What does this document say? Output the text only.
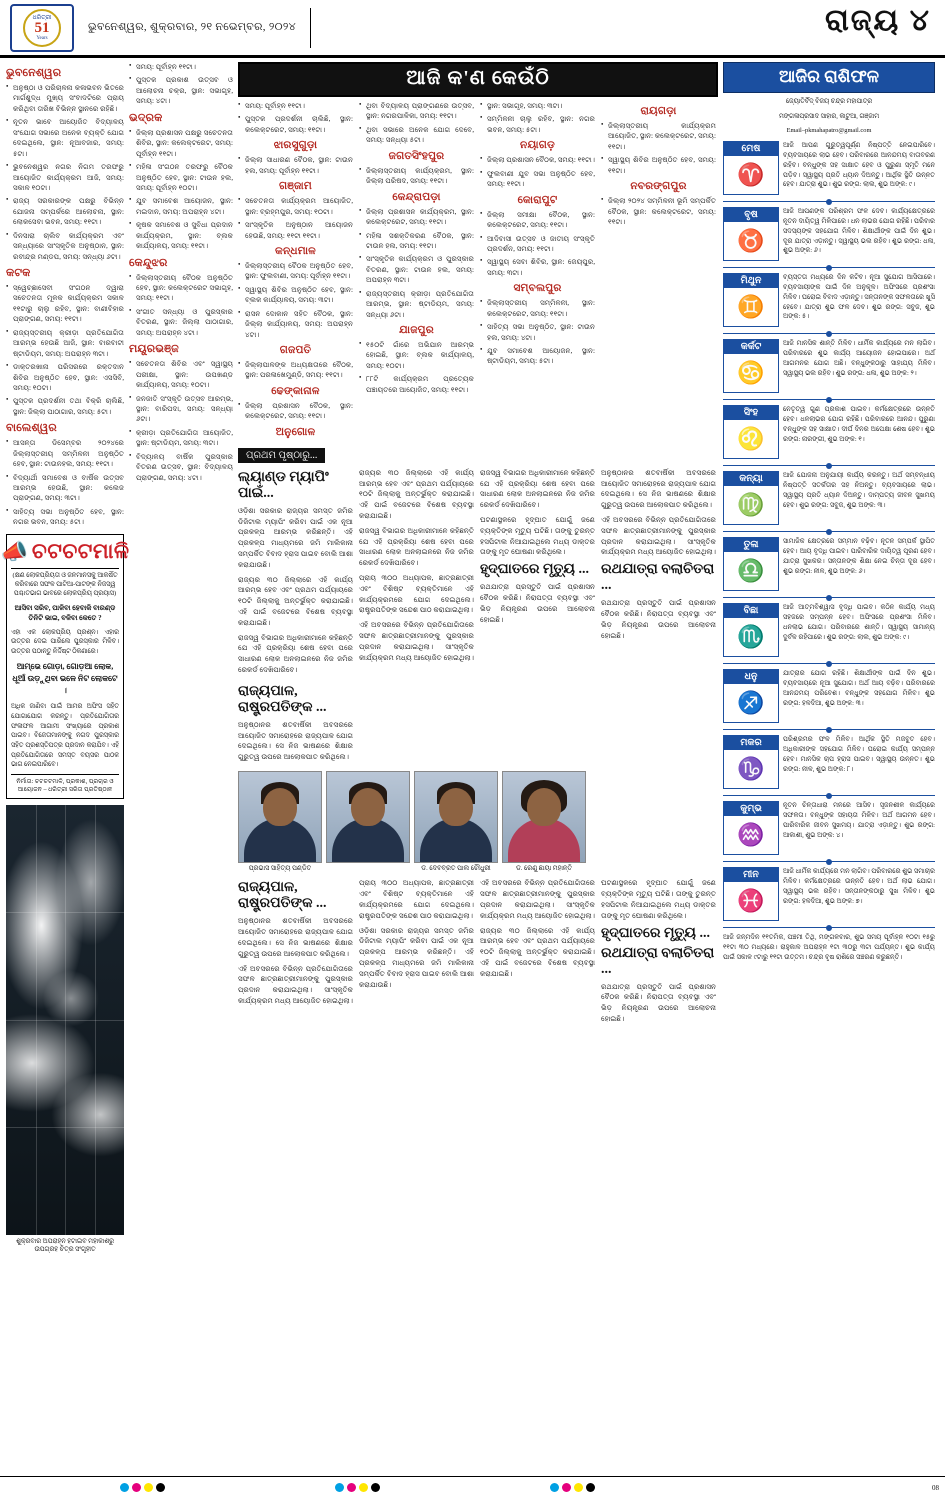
ଧରିତ୍ରୀ
51
Years
ଭୁବନେଶ୍ୱର, ଶୁକ୍ରବାର, ୨୧ ନଭେମ୍ବର, ୨୦୨୪	ରାଜ୍ୟ ୪
ଭୁବନେଶ୍ୱର
● ଅନୁଷ୍ଠା ଓ ପରିଚାଳନା କଳାଭବନ ଭିତରେ ମାର୍ଗଶୁଦ୍ଧ ମୁଖ୍ୟ ସଂବାଦଟିରେ ପ୍ରାୟ କରିଥିବା ତାରିଖ ବିଭିନ୍ନ ସ୍ଥାନରେ ରହିଛି।
● ନୂତନ ଭାବେ ଆୟୋଜିତ ବିଦ୍ୟାଳୟ ସଂଯୋଗ ସଭାରେ ଅନେକ ବ୍ୟକ୍ତି ଯୋଗ ଦେଇଥିଲେ, ସ୍ଥାନ: ନୂଆବଜାର, ସମୟ: ୫ଟା।
● ଭୁବନେଶ୍ୱର ନଗର ନିଗମ ତରଫରୁ ଆୟୋଜିତ କାର୍ଯ୍ୟକ୍ରମ ଆଜି, ସମୟ: ସକାଳ ୧୦ଟା।
● ରାଜ୍ୟ ସରକାରଙ୍କ ପକ୍ଷରୁ ବିଭିନ୍ନ ଯୋଜନା ସମ୍ପର୍କରେ ଆଲୋଚନା, ସ୍ଥାନ: ଲୋକସେବା ଭବନ, ସମୟ: ୧୧ଟା।
● ଦିନସାରା ଚାଲିବ କାର୍ଯ୍ୟକ୍ରମ ଏବଂ ସନ୍ଧ୍ୟାରେ ସାଂସ୍କୃତିକ ଅନୁଷ୍ଠାନ, ସ୍ଥାନ: ରବୀନ୍ଦ୍ର ମଣ୍ଡପ, ସମୟ: ସନ୍ଧ୍ୟା ୬ଟା।
କଟକ
● ସ୍ୱେଚ୍ଛାସେବୀ ସଂଗଠନ ଦ୍ୱାରା ସଚେତନତା ମୂଳକ କାର୍ଯ୍ୟକ୍ରମ ସକାଳ ୧୧ଟାରୁ ଚାଲୁ ରହିବ, ସ୍ଥାନ: ବାଣୀବିହାର ପ୍ରାଙ୍ଗଣ, ସମୟ: ୧୧ଟା।
● ରାଜ୍ୟସ୍ତରୀୟ କ୍ରୀଡ଼ା ପ୍ରତିଯୋଗିତା ଆରମ୍ଭ ହେଉଛି ଆଜି, ସ୍ଥାନ: ବାରବାଟୀ ଷ୍ଟାଡିୟମ, ସମୟ: ଅପରାହ୍ନ ୩ଟା।
● ଡାକ୍ତରଖାନା ପରିସରରେ ରକ୍ତଦାନ ଶିବିର ଅନୁଷ୍ଠିତ ହେବ, ସ୍ଥାନ: ଏସସିବି, ସମୟ: ୧୦ଟା।
● ପୁସ୍ତକ ପ୍ରଦର୍ଶନୀ ତଥା ବିକ୍ରି ଚାଲିଛି, ସ୍ଥାନ: ଜିଲ୍ଲା ପାଠାଗାର, ସମୟ: ୫ଟା।
ବାଲେଶ୍ୱର
● ଆସନ୍ତା ଡିସେମ୍ବର ୨୦୨୪ରେ ଜିଲ୍ଲାସ୍ତରୀୟ ସମ୍ମିଳନୀ ଅନୁଷ୍ଠିତ ହେବ, ସ୍ଥାନ: ଟାଉନହଲ, ସମୟ: ୧୧ଟା।
● ବିଦ୍ୟାର୍ଥୀ ସମାବେଶ ଓ ବାର୍ଷିକ ଉତ୍ସବ ଆରମ୍ଭ ହେଉଛି, ସ୍ଥାନ: କଲେଜ ପ୍ରାଙ୍ଗଣ, ସମୟ: ୩ଟା।
● ସାହିତ୍ୟ ସଭା ଅନୁଷ୍ଠିତ ହେବ, ସ୍ଥାନ: ନଗର ଭବନ, ସମୟ: ୫ଟା।
📣 ଚଟଚଟମାଳି
(କ୍ଷଣ ଲୋକପ୍ରିୟତା ଓ ଜନମାନସକୁ ଆକର୍ଷିତ କରିବାରେ ସଫଳ ପାଟିଆ-ପାଟଙ୍କ ନିଜସ୍ୱ ପଶ୍ଚାତଭାଗ ଭାବରେ ଲୋକପ୍ରିୟ ପ୍ରୟାସ)
ଆସିବା ସରିବ, ପାଳିବା ହେବାକି ବାରଣ୍ଡ ତିନିଟି ଭାଇ, ବଳିବା କେତେ ?
ଏହା ଏକ ଲୋକପ୍ରିୟ ପ୍ରଶ୍ନ। ଏହାର ଉତ୍ତର ଦେଇ ପାରିଲେ ପୁରସ୍କାର ମିଳିବ। ଉତ୍ତର ପଠାନ୍ତୁ ନିର୍ଦ୍ଦିଷ୍ଟ ଠିକଣାରେ।
ଆମ୍ଭେ ଗୋଡ଼ା, ଗୋଡ଼ଆ ଲୋକ, ଧୂଆଁ ଉଡ଼ୁଥିବା ଭଳେ ନିଟ ଲୋକଟେ ।
ଅଧିକ ଜାଣିବା ପାଇଁ ଆମର ଅଫିସ ସହିତ ଯୋଗାଯୋଗ କରନ୍ତୁ। ପ୍ରତିଯୋଗିତାର ଫଳାଫଳ ଆଗାମୀ ସଂଖ୍ୟାରେ ପ୍ରକାଶ ପାଇବ। ବିଜେତାମାନଙ୍କୁ ନଗଦ ପୁରସ୍କାର ସହିତ ପ୍ରଶସ୍ତିପତ୍ର ପ୍ରଦାନ କରାଯିବ। ଏହି ପ୍ରତିଯୋଗିତାରେ ସମସ୍ତ ବୟସର ପାଠକ ଭାଗ ନେଇପାରିବେ।
ନିର୍ମାତା: ଚଟଚଟମାଳି, ପ୍ରକାଶ, ପ୍ରଚାର ଓ ଆୟୋଜନ – ଧରିତ୍ରୀ ସରିତା ପ୍ରତିଷ୍ଠାନ
ଶୁକ୍ରବାର ଅପରାହ୍ନ ହଟାଇବ ମହାକାଶରୁ ଉପଗ୍ରହ ଚିତ୍ର ସଂଗୃହୀତ
● ସମୟ: ପୂର୍ବାହ୍ନ ୧୧ଟା।
● ପୁସ୍ତକ ପ୍ରକାଶ ଉତ୍ସବ ଓ ଆଲୋଚନା ଚକ୍ର, ସ୍ଥାନ: ସଭାଗୃହ, ସମୟ: ୪ଟା।
ଭଦ୍ରକ
● ଜିଲ୍ଲା ପ୍ରଶାସନ ପକ୍ଷରୁ ସଚେତନତା ଶିବିର, ସ୍ଥାନ: କଲେକ୍ଟରେଟ, ସମୟ: ପୂର୍ବାହ୍ନ ୧୧ଟା।
● ମହିଳା ସଂଗଠନ ତରଫରୁ ବୈଠକ ଅନୁଷ୍ଠିତ ହେବ, ସ୍ଥାନ: ଟାଉନ ହଲ, ସମୟ: ପୂର୍ବାହ୍ନ ୧୦ଟା।
● ଯୁବ ସମାବେଶ ଆୟୋଜନ, ସ୍ଥାନ: ମଇଦାନ, ସମୟ: ଅପରାହ୍ନ ୪ଟା।
● କୃଷକ ସମାବେଶ ଓ ସୁବିଧା ପ୍ରଦାନ କାର୍ଯ୍ୟକ୍ରମ, ସ୍ଥାନ: ବ୍ଲକ କାର୍ଯ୍ୟାଳୟ, ସମୟ: ୧୧ଟା।
କେନ୍ଦୁଝର
● ଜିଲ୍ଲାସ୍ତରୀୟ ବୈଠକ ଅନୁଷ୍ଠିତ ହେବ, ସ୍ଥାନ: କଲେକ୍ଟରେଟ ସଭାଗୃହ, ସମୟ: ୧୧ଟା।
● ସଂଗୀତ ସନ୍ଧ୍ୟା ଓ ପୁରସ୍କାର ବିତରଣ, ସ୍ଥାନ: ଜିଲ୍ଲା ପାଠାଗାର, ସମୟ: ଅପରାହ୍ନ ୪ଟା।
ମୟୂରଭଞ୍ଜ
● ସଚେତନତା ଶିବିର ଏବଂ ସ୍ୱାସ୍ଥ୍ୟ ପରୀକ୍ଷା, ସ୍ଥାନ: ଉପଖଣ୍ଡ କାର୍ଯ୍ୟାଳୟ, ସମୟ: ୧୦ଟା।
● ଜନଜାତି ସଂସ୍କୃତି ଉତ୍ସବ ଆରମ୍ଭ, ସ୍ଥାନ: ବାରିପଦା, ସମୟ: ସନ୍ଧ୍ୟା ୬ଟା।
● କ୍ରୀଡ଼ା ପ୍ରତିଯୋଗିତା ଆୟୋଜିତ, ସ୍ଥାନ: ଷ୍ଟାଡିୟମ, ସମୟ: ୩ଟା।
● ବିଦ୍ୟାଳୟ ବାର୍ଷିକ ପୁରସ୍କାର ବିତରଣ ଉତ୍ସବ, ସ୍ଥାନ: ବିଦ୍ୟାଳୟ ପ୍ରାଙ୍ଗଣ, ସମୟ: ୪ଟା।
ଆଜି କ'ଣ କେଉଁଠି
● ସମୟ: ପୂର୍ବାହ୍ନ ୧୧ଟା।
● ପୁସ୍ତକ ପ୍ରଦର୍ଶନୀ ଚାଲିଛି, ସ୍ଥାନ: କଲେକ୍ଟରେଟ, ସମୟ: ୧୧ଟା।
ଝାରସୁଗୁଡ଼ା
● ଜିଲ୍ଲା ସାଧାରଣ ବୈଠକ, ସ୍ଥାନ: ଟାଉନ ହଲ, ସମୟ: ପୂର୍ବାହ୍ନ ୧୧ଟା।
ଗଞ୍ଜାମ
● ସଚେତନତା କାର୍ଯ୍ୟକ୍ରମ ଆୟୋଜିତ, ସ୍ଥାନ: ବ୍ରହ୍ମପୁର, ସମୟ: ୧୦ଟା।
● ସାଂସ୍କୃତିକ ଅନୁଷ୍ଠାନ ଆୟୋଜନ ହେଉଛି, ସମୟ: ୧୧ଟା ୧୧ଟା।
କନ୍ଧମାଳ
● ଜିଲ୍ଲାସ୍ତରୀୟ ବୈଠକ ଅନୁଷ୍ଠିତ ହେବ, ସ୍ଥାନ: ଫୁଲବାଣୀ, ସମୟ: ପୂର୍ବାହ୍ନ ୧୧ଟା।
● ସ୍ୱାସ୍ଥ୍ୟ ଶିବିର ଅନୁଷ୍ଠିତ ହେବ, ସ୍ଥାନ: ବ୍ଲକ କାର୍ଯ୍ୟାଳୟ, ସମୟ: ୩ଟା।
● ରାସନ ଦୋକାନ ସହିତ ବୈଠକ, ସ୍ଥାନ: ଜିଲ୍ଲା କାର୍ଯ୍ୟାଳୟ, ସମୟ: ଅପରାହ୍ନ ୪ଟା।
ଗଜପତି
● ଜିଲ୍ଲାପାଳଙ୍କ ଅଧ୍ୟକ୍ଷତାରେ ବୈଠକ, ସ୍ଥାନ: ପରଳାଖେମୁଣ୍ଡି, ସମୟ: ୧୧ଟା।
ଢେଙ୍କାନାଳ
● ଜିଲ୍ଲା ପ୍ରଶାସନ ବୈଠକ, ସ୍ଥାନ: କଲେକ୍ଟରେଟ, ସମୟ: ୧୧ଟା।
ଅନୁଗୋଳ
● ଥିବା ବିଦ୍ୟାଳୟ ପ୍ରାଙ୍ଗଣରେ ଉତ୍ସବ, ସ୍ଥାନ: ନଗରପାଳିକା, ସମୟ: ୧୧ଟା।
● ଥିବା ସଭାରେ ଅନେକ ଯୋଗ ଦେବେ, ସମୟ: ସନ୍ଧ୍ୟା ୫ଟା।
ଜଗତସିଂହପୁର
● ଜିଲ୍ଲାସ୍ତରୀୟ କାର୍ଯ୍ୟକ୍ରମ, ସ୍ଥାନ: ଜିଲ୍ଲା ପରିଷଦ, ସମୟ: ୧୧ଟା।
କେନ୍ଦ୍ରାପଡ଼ା
● ଜିଲ୍ଲା ପ୍ରଶାସନ କାର୍ଯ୍ୟକ୍ରମ, ସ୍ଥାନ: କଲେକ୍ଟରେଟ, ସମୟ: ୧୧ଟା।
● ମହିଳା ସଶକ୍ତିକରଣ ବୈଠକ, ସ୍ଥାନ: ଟାଉନ ହଲ, ସମୟ: ୧୧ଟା।
● ସାଂସ୍କୃତିକ କାର୍ଯ୍ୟକ୍ରମ ଓ ପୁରସ୍କାର ବିତରଣ, ସ୍ଥାନ: ଟାଉନ ହଲ, ସମୟ: ଅପରାହ୍ନ ୩ଟା।
● ରାଜ୍ୟସ୍ତରୀୟ କ୍ରୀଡ଼ା ପ୍ରତିଯୋଗିତା ଆରମ୍ଭ, ସ୍ଥାନ: ଷ୍ଟାଡିୟମ, ସମୟ: ସନ୍ଧ୍ୟା ୬ଟା।
ଯାଜପୁର
● ୧୫୦ଟି ଗାଁରେ ଅଭିଯାନ ଆରମ୍ଭ ହୋଇଛି, ସ୍ଥାନ: ବ୍ଲକ କାର୍ଯ୍ୟାଳୟ, ସମୟ: ୧୦ଟା।
● ୮୮ଟି କାର୍ଯ୍ୟକ୍ରମ ପ୍ରତ୍ୟେକ ପଞ୍ଚାୟତରେ ଆୟୋଜିତ, ସମୟ: ୧୧ଟା।
● ସ୍ଥାନ: ସଭାଗୃହ, ସମୟ: ୩ଟା।
● ସମ୍ମିଳନୀ ଚାଲୁ ରହିବ, ସ୍ଥାନ: ନଗର ଭବନ, ସମୟ: ୫ଟା।
ନୟାଗଡ଼
● ଜିଲ୍ଲା ପ୍ରଶାସନ ବୈଠକ, ସମୟ: ୧୧ଟା।
● ଫୁଲବାଣୀ ଯୁବ ସଭା ଅନୁଷ୍ଠିତ ହେବ, ସମୟ: ୧୧ଟା।
କୋରାପୁଟ
● ଜିଲ୍ଲା ସମୀକ୍ଷା ବୈଠକ, ସ୍ଥାନ: କଲେକ୍ଟରେଟ, ସମୟ: ୧୧ଟା।
● ଆଦିବାସୀ ଉତ୍ସବ ଓ ଜାତୀୟ ସଂସ୍କୃତି ପ୍ରଦର୍ଶନ, ସମୟ: ୧୧ଟା।
● ସ୍ୱାସ୍ଥ୍ୟ ସେବା ଶିବିର, ସ୍ଥାନ: ଜେୟପୁର, ସମୟ: ୩ଟା।
ସମ୍ବଲପୁର
● ଜିଲ୍ଲାସ୍ତରୀୟ ସମ୍ମିଳନୀ, ସ୍ଥାନ: କଲେକ୍ଟରେଟ, ସମୟ: ୧୧ଟା।
● ସାହିତ୍ୟ ସଭା ଅନୁଷ୍ଠିତ, ସ୍ଥାନ: ଟାଉନ ହଲ, ସମୟ: ୪ଟା।
● ଯୁବ ସମାବେଶ ଆୟୋଜନ, ସ୍ଥାନ: ଷ୍ଟାଡିୟମ, ସମୟ: ୫ଟା।
ରାୟଗଡ଼ା
● ଜିଲ୍ଲାସ୍ତରୀୟ କାର୍ଯ୍ୟକ୍ରମ ଆୟୋଜିତ, ସ୍ଥାନ: କଲେକ୍ଟରେଟ, ସମୟ: ୧୧ଟା।
● ସ୍ୱାସ୍ଥ୍ୟ ଶିବିର ଅନୁଷ୍ଠିତ ହେବ, ସମୟ: ୧୧ଟା।
ନବରଙ୍ଗପୁର
● ଜିଲ୍ଲା ୨୦୨୪ ସମ୍ମିଳନୀ ଭୂମି ସମ୍ପର୍କିତ ବୈଠକ, ସ୍ଥାନ: କଲେକ୍ଟରେଟ, ସମୟ: ୧୧ଟା।
ପ୍ରଥମ ପୃଷ୍ଠାରୁ...
ଲ୍ୟାଣ୍ଡ ମ୍ୟାପିଂ ପାଇଁ...

ଓଡ଼ିଶା ସରକାର ରାଜ୍ୟର ସମସ୍ତ ଜମିର ଡିଜିଟାଲ ମ୍ୟାପିଂ କରିବା ପାଇଁ ଏକ ନୂଆ ପ୍ରକଳ୍ପ ଆରମ୍ଭ କରିଛନ୍ତି। ଏହି ପ୍ରକଳ୍ପ ମାଧ୍ୟମରେ ଜମି ମାଲିକାନା ସମ୍ପର୍କିତ ବିବାଦ ହ୍ରାସ ପାଇବ ବୋଲି ଆଶା କରାଯାଉଛି।

ରାଜ୍ୟର ୩୦ ଜିଲ୍ଲାରେ ଏହି କାର୍ଯ୍ୟ ଆରମ୍ଭ ହେବ ଏବଂ ପ୍ରଥମ ପର୍ଯ୍ୟାୟରେ ୧୦ଟି ଜିଲ୍ଲାକୁ ଅନ୍ତର୍ଭୁକ୍ତ କରାଯାଇଛି। ଏହି ପାଇଁ ବଜେଟରେ ବିଶେଷ ବ୍ୟବସ୍ଥା କରାଯାଇଛି।

ରାଜସ୍ୱ ବିଭାଗର ଅଧିକାରୀମାନେ କହିଛନ୍ତି ଯେ ଏହି ପ୍ରକ୍ରିୟା ଶେଷ ହେବା ପରେ ସାଧାରଣ ଲୋକ ଅନଲାଇନରେ ନିଜ ଜମିର ରେକର୍ଡ ଦେଖିପାରିବେ।

ରାଜ୍ୟପାଳ, ରାଷ୍ଟ୍ରପତିଙ୍କ ...

ଅନୁଷ୍ଠାନର ଶତବାର୍ଷିକୀ ଅବସରରେ ଆୟୋଜିତ ସମାରୋହରେ ରାଜ୍ୟପାଳ ଯୋଗ ଦେଇଥିଲେ। ସେ ନିଜ ଭାଷଣରେ ଶିକ୍ଷାର ଗୁରୁତ୍ୱ ଉପରେ ଆଲୋକପାତ କରିଥିଲେ।

ରାଜ୍ୟର ୩୦ ଜିଲ୍ଲାରେ ଏହି କାର୍ଯ୍ୟ ଆରମ୍ଭ ହେବ ଏବଂ ପ୍ରଥମ ପର୍ଯ୍ୟାୟରେ ୧୦ଟି ଜିଲ୍ଲାକୁ ଅନ୍ତର୍ଭୁକ୍ତ କରାଯାଇଛି। ଏହି ପାଇଁ ବଜେଟରେ ବିଶେଷ ବ୍ୟବସ୍ଥା କରାଯାଇଛି।

ରାଜସ୍ୱ ବିଭାଗର ଅଧିକାରୀମାନେ କହିଛନ୍ତି ଯେ ଏହି ପ୍ରକ୍ରିୟା ଶେଷ ହେବା ପରେ ସାଧାରଣ ଲୋକ ଅନଲାଇନରେ ନିଜ ଜମିର ରେକର୍ଡ ଦେଖିପାରିବେ।

ପ୍ରାୟ ୩୦୦ ଅଧ୍ୟାପକ, ଛାତ୍ରଛାତ୍ରୀ ଏବଂ ବିଶିଷ୍ଟ ବ୍ୟକ୍ତିମାନେ ଏହି କାର୍ଯ୍ୟକ୍ରମରେ ଯୋଗ ଦେଇଥିଲେ। ରାଷ୍ଟ୍ରପତିଙ୍କ ସନ୍ଦେଶ ପାଠ କରାଯାଇଥିଲା।

ଏହି ଅବସରରେ ବିଭିନ୍ନ ପ୍ରତିଯୋଗିତାରେ ସଫଳ ଛାତ୍ରଛାତ୍ରୀମାନଙ୍କୁ ପୁରସ୍କାର ପ୍ରଦାନ କରାଯାଇଥିଲା। ସାଂସ୍କୃତିକ କାର୍ଯ୍ୟକ୍ରମ ମଧ୍ୟ ଆୟୋଜିତ ହୋଇଥିଲା।

ରାଜସ୍ୱ ବିଭାଗର ଅଧିକାରୀମାନେ କହିଛନ୍ତି ଯେ ଏହି ପ୍ରକ୍ରିୟା ଶେଷ ହେବା ପରେ ସାଧାରଣ ଲୋକ ଅନଲାଇନରେ ନିଜ ଜମିର ରେକର୍ଡ ଦେଖିପାରିବେ।

ଘଟଣାସ୍ଥଳରେ ହୃଦ୍‌ଘାତ ଯୋଗୁଁ ଜଣେ ବ୍ୟକ୍ତିଙ୍କ ମୃତ୍ୟୁ ଘଟିଛି। ତାଙ୍କୁ ତୁରନ୍ତ ହସପିଟାଲ ନିଆଯାଇଥିଲେ ମଧ୍ୟ ଡାକ୍ତର ତାଙ୍କୁ ମୃତ ଘୋଷଣା କରିଥିଲେ।

ହୃଦ୍‌ଘାତରେ ମୃତ୍ୟୁ ...

ରଥଯାତ୍ରା ପ୍ରସ୍ତୁତି ପାଇଁ ପ୍ରଶାସନ ବୈଠକ କରିଛି। ନିରାପତ୍ତା ବ୍ୟବସ୍ଥା ଏବଂ ଭିଡ଼ ନିୟନ୍ତ୍ରଣ ଉପରେ ଆଲୋଚନା ହୋଇଛି।

ଅନୁଷ୍ଠାନର ଶତବାର୍ଷିକୀ ଅବସରରେ ଆୟୋଜିତ ସମାରୋହରେ ରାଜ୍ୟପାଳ ଯୋଗ ଦେଇଥିଲେ। ସେ ନିଜ ଭାଷଣରେ ଶିକ୍ଷାର ଗୁରୁତ୍ୱ ଉପରେ ଆଲୋକପାତ କରିଥିଲେ।

ଏହି ଅବସରରେ ବିଭିନ୍ନ ପ୍ରତିଯୋଗିତାରେ ସଫଳ ଛାତ୍ରଛାତ୍ରୀମାନଙ୍କୁ ପୁରସ୍କାର ପ୍ରଦାନ କରାଯାଇଥିଲା। ସାଂସ୍କୃତିକ କାର୍ଯ୍ୟକ୍ରମ ମଧ୍ୟ ଆୟୋଜିତ ହୋଇଥିଲା।

ରଥଯାତ୍ରା ବଲାଚିତରା ...

ରଥଯାତ୍ରା ପ୍ରସ୍ତୁତି ପାଇଁ ପ୍ରଶାସନ ବୈଠକ କରିଛି। ନିରାପତ୍ତା ବ୍ୟବସ୍ଥା ଏବଂ ଭିଡ଼ ନିୟନ୍ତ୍ରଣ ଉପରେ ଆଲୋଚନା ହୋଇଛି।

ପ୍ରଭାସ ସାହିତ୍ୟ ପଣ୍ଡିତ	ଡ. ଦେବବ୍ରତ ପାଲ ଚୌଧୁରୀ	ଡ. ରେଣୁ ଛାୟା ମହାନ୍ତି
ରାଜ୍ୟପାଳ, ରାଷ୍ଟ୍ରପତିଙ୍କ ...

ଅନୁଷ୍ଠାନର ଶତବାର୍ଷିକୀ ଅବସରରେ ଆୟୋଜିତ ସମାରୋହରେ ରାଜ୍ୟପାଳ ଯୋଗ ଦେଇଥିଲେ। ସେ ନିଜ ଭାଷଣରେ ଶିକ୍ଷାର ଗୁରୁତ୍ୱ ଉପରେ ଆଲୋକପାତ କରିଥିଲେ।

ଏହି ଅବସରରେ ବିଭିନ୍ନ ପ୍ରତିଯୋଗିତାରେ ସଫଳ ଛାତ୍ରଛାତ୍ରୀମାନଙ୍କୁ ପୁରସ୍କାର ପ୍ରଦାନ କରାଯାଇଥିଲା। ସାଂସ୍କୃତିକ କାର୍ଯ୍ୟକ୍ରମ ମଧ୍ୟ ଆୟୋଜିତ ହୋଇଥିଲା।

ପ୍ରାୟ ୩୦୦ ଅଧ୍ୟାପକ, ଛାତ୍ରଛାତ୍ରୀ ଏବଂ ବିଶିଷ୍ଟ ବ୍ୟକ୍ତିମାନେ ଏହି କାର୍ଯ୍ୟକ୍ରମରେ ଯୋଗ ଦେଇଥିଲେ। ରାଷ୍ଟ୍ରପତିଙ୍କ ସନ୍ଦେଶ ପାଠ କରାଯାଇଥିଲା।

ଓଡ଼ିଶା ସରକାର ରାଜ୍ୟର ସମସ୍ତ ଜମିର ଡିଜିଟାଲ ମ୍ୟାପିଂ କରିବା ପାଇଁ ଏକ ନୂଆ ପ୍ରକଳ୍ପ ଆରମ୍ଭ କରିଛନ୍ତି। ଏହି ପ୍ରକଳ୍ପ ମାଧ୍ୟମରେ ଜମି ମାଲିକାନା ସମ୍ପର୍କିତ ବିବାଦ ହ୍ରାସ ପାଇବ ବୋଲି ଆଶା କରାଯାଉଛି।

ଏହି ଅବସରରେ ବିଭିନ୍ନ ପ୍ରତିଯୋଗିତାରେ ସଫଳ ଛାତ୍ରଛାତ୍ରୀମାନଙ୍କୁ ପୁରସ୍କାର ପ୍ରଦାନ କରାଯାଇଥିଲା। ସାଂସ୍କୃତିକ କାର୍ଯ୍ୟକ୍ରମ ମଧ୍ୟ ଆୟୋଜିତ ହୋଇଥିଲା।

ରାଜ୍ୟର ୩୦ ଜିଲ୍ଲାରେ ଏହି କାର୍ଯ୍ୟ ଆରମ୍ଭ ହେବ ଏବଂ ପ୍ରଥମ ପର୍ଯ୍ୟାୟରେ ୧୦ଟି ଜିଲ୍ଲାକୁ ଅନ୍ତର୍ଭୁକ୍ତ କରାଯାଇଛି। ଏହି ପାଇଁ ବଜେଟରେ ବିଶେଷ ବ୍ୟବସ୍ଥା କରାଯାଇଛି।

ଘଟଣାସ୍ଥଳରେ ହୃଦ୍‌ଘାତ ଯୋଗୁଁ ଜଣେ ବ୍ୟକ୍ତିଙ୍କ ମୃତ୍ୟୁ ଘଟିଛି। ତାଙ୍କୁ ତୁରନ୍ତ ହସପିଟାଲ ନିଆଯାଇଥିଲେ ମଧ୍ୟ ଡାକ୍ତର ତାଙ୍କୁ ମୃତ ଘୋଷଣା କରିଥିଲେ।

ହୃଦ୍‌ଘାତରେ ମୃତ୍ୟୁ ...
ରଥଯାତ୍ରା ବଲାଚିତରା ...

ରଥଯାତ୍ରା ପ୍ରସ୍ତୁତି ପାଇଁ ପ୍ରଶାସନ ବୈଠକ କରିଛି। ନିରାପତ୍ତା ବ୍ୟବସ୍ଥା ଏବଂ ଭିଡ଼ ନିୟନ୍ତ୍ରଣ ଉପରେ ଆଲୋଚନା ହୋଇଛି।

ଆଜିର ରାଶିଫଳ
ଜ୍ୟୋତିର୍ବିଦ୍‌ ବିଜୟ ଚନ୍ଦ୍ର ମହାପାତ୍ର
ମଙ୍ଗଳାପ୍ରସାଦ ସାହାର, କାଟୁଆ, ଗଞ୍ଜାମ
Email–pkmahapatro@gmail.com
ମେଷ
♈
ଆଜି ଆପଣ ଗୁରୁତ୍ୱପୂର୍ଣ୍ଣ ନିଷ୍ପତ୍ତି ନେଇପାରିବେ। ବ୍ୟବସାୟରେ ଲାଭ ହେବ। ପରିବାରରେ ଆନନ୍ଦମୟ ବାତାବରଣ ରହିବ। ବନ୍ଧୁଙ୍କ ସହ ସାକ୍ଷାତ ହେବ ଓ ପୁରୁଣା ସ୍ମୃତି ମନେ ପଡ଼ିବ। ସ୍ୱାସ୍ଥ୍ୟ ପ୍ରତି ଧ୍ୟାନ ଦିଅନ୍ତୁ। ଆର୍ଥିକ ସ୍ଥିତି ଉନ୍ନତ ହେବ। ଯାତ୍ରା ଶୁଭ। ଶୁଭ ରଙ୍ଗ: ଲାଲ, ଶୁଭ ଅଙ୍କ: ୯।
ବୃଷ
♉
ଆଜି ଆପଣଙ୍କ ପରିଶ୍ରମ ଫଳ ଦେବ। କାର୍ଯ୍ୟକ୍ଷେତ୍ରରେ ନୂତନ ଦାୟିତ୍ୱ ମିଳିପାରେ। ଧନ ଲାଭର ଯୋଗ ରହିଛି। ପରିବାର ସଦସ୍ୟଙ୍କ ସହଯୋଗ ମିଳିବ। ଶିକ୍ଷାର୍ଥୀଙ୍କ ପାଇଁ ଦିନ ଶୁଭ। ଦୂର ଯାତ୍ରା ଏଡ଼ାନ୍ତୁ। ସ୍ୱାସ୍ଥ୍ୟ ଭଲ ରହିବ। ଶୁଭ ରଙ୍ଗ: ଧଳା, ଶୁଭ ଅଙ୍କ: ୬।
ମିଥୁନ
♊
ବ୍ୟସ୍ତତା ମଧ୍ୟରେ ଦିନ କଟିବ। ନୂଆ ସୁଯୋଗ ଆସିପାରେ। ବ୍ୟବସାୟୀଙ୍କ ପାଇଁ ଦିନ ଅନୁକୂଳ। ଅଫିସରେ ପ୍ରଶଂସା ମିଳିବ। ଘରୋଇ ବିବାଦ ଏଡ଼ାନ୍ତୁ। ସନ୍ତାନଙ୍କ ସଫଳତାରେ ଖୁସି ହେବେ। ଯାତ୍ରା ଶୁଭ ଫଳ ଦେବ। ଶୁଭ ରଙ୍ଗ: ସବୁଜ, ଶୁଭ ଅଙ୍କ: ୫।
କର୍କଟ
♋
ଆଜି ମାନସିକ ଶାନ୍ତି ମିଳିବ। ଧାର୍ମିକ କାର୍ଯ୍ୟରେ ମନ ଲାଗିବ। ପରିବାରରେ ଶୁଭ କାର୍ଯ୍ୟ ଆୟୋଜନ ହୋଇପାରେ। ଅର୍ଥ ଆଗମନର ଯୋଗ ଅଛି। ବନ୍ଧୁଙ୍କଠାରୁ ସାହାଯ୍ୟ ମିଳିବ। ସ୍ୱାସ୍ଥ୍ୟ ଭଲ ରହିବ। ଶୁଭ ରଙ୍ଗ: ଧଳା, ଶୁଭ ଅଙ୍କ: ୨।
ସିଂହ
♌
ନେତୃତ୍ୱ ଗୁଣ ପ୍ରକାଶ ପାଇବ। କର୍ମକ୍ଷେତ୍ରରେ ଉନ୍ନତି ହେବ। ଧନଲାଭର ଯୋଗ ରହିଛି। ପରିବାରରେ ଆନନ୍ଦ। ପୁରୁଣା ବନ୍ଧୁଙ୍କ ସହ ସାକ୍ଷାତ। ଦୀର୍ଘ ଦିନର ଅପେକ୍ଷା ଶେଷ ହେବ। ଶୁଭ ରଙ୍ଗ: ନାରଙ୍ଗୀ, ଶୁଭ ଅଙ୍କ: ୧।
କନ୍ୟା
♍
ଆଜି ଯୋଜନା ଅନୁଯାୟୀ କାର୍ଯ୍ୟ କରନ୍ତୁ। ଅର୍ଥ ସମ୍ବନ୍ଧୀୟ ନିଷ୍ପତ୍ତି ସତର୍କତାର ସହ ନିଅନ୍ତୁ। ବ୍ୟବସାୟରେ ଲାଭ। ସ୍ୱାସ୍ଥ୍ୟ ପ୍ରତି ଧ୍ୟାନ ଦିଅନ୍ତୁ। ଦାମ୍ପତ୍ୟ ଜୀବନ ସୁଖମୟ ହେବ। ଶୁଭ ରଙ୍ଗ: ସବୁଜ, ଶୁଭ ଅଙ୍କ: ୩।
ତୁଳା
♎
ସାମାଜିକ କ୍ଷେତ୍ରରେ ସମ୍ମାନ ବଢ଼ିବ। ନୂତନ ସମ୍ପର୍କ ସ୍ଥାପିତ ହେବ। ଆୟ ବୃଦ୍ଧି ପାଇବ। ପାରିବାରିକ ଦାୟିତ୍ୱ ପୂରଣ ହେବ। ଯାତ୍ରା ସୁଖକର। ସନ୍ତାନଙ୍କ ଶିକ୍ଷା ନେଇ ଚିନ୍ତା ଦୂର ହେବ। ଶୁଭ ରଙ୍ଗ: ନୀଳ, ଶୁଭ ଅଙ୍କ: ୬।
ବିଛା
♏
ଆଜି ଆତ୍ମବିଶ୍ୱାସ ବୃଦ୍ଧି ପାଇବ। କଠିନ କାର୍ଯ୍ୟ ମଧ୍ୟ ସହଜରେ ସମ୍ପନ୍ନ ହେବ। ଅଫିସରେ ପ୍ରଶଂସା ମିଳିବ। ଧନଲାଭ ଯୋଗ। ପରିବାରରେ ଶାନ୍ତି। ସ୍ୱାସ୍ଥ୍ୟ ସାମାନ୍ୟ ଦୁର୍ବଳ ରହିପାରେ। ଶୁଭ ରଙ୍ଗ: ଲାଲ, ଶୁଭ ଅଙ୍କ: ୯।
ଧନୁ
♐
ଯାତ୍ରାର ଯୋଗ ରହିଛି। ଶିକ୍ଷାର୍ଥୀଙ୍କ ପାଇଁ ଦିନ ଶୁଭ। ବ୍ୟବସାୟରେ ନୂଆ ସୁଯୋଗ। ଅର୍ଥ ଆୟ ବଢ଼ିବ। ପରିବାରରେ ଆନନ୍ଦମୟ ପରିବେଶ। ବନ୍ଧୁଙ୍କ ସହଯୋଗ ମିଳିବ। ଶୁଭ ରଙ୍ଗ: ହଳଦିଆ, ଶୁଭ ଅଙ୍କ: ୩।
ମକର
♑
ପରିଶ୍ରମର ଫଳ ମିଳିବ। ଆର୍ଥିକ ସ୍ଥିତି ମଜବୁତ ହେବ। ଅଧିକାରୀଙ୍କ ସହଯୋଗ ମିଳିବ। ଘରୋଇ କାର୍ଯ୍ୟ ସମ୍ପନ୍ନ ହେବ। ମାନସିକ ଚାପ ହ୍ରାସ ପାଇବ। ସ୍ୱାସ୍ଥ୍ୟ ଉନ୍ନତ। ଶୁଭ ରଙ୍ଗ: ନୀଳ, ଶୁଭ ଅଙ୍କ: ୮।
କୁମ୍ଭ
♒
ନୂତନ ଚିନ୍ତାଧାରା ମନରେ ଆସିବ। ସୃଜନଶୀଳ କାର୍ଯ୍ୟରେ ସଫଳତା। ବନ୍ଧୁଙ୍କ ସହାୟତା ମିଳିବ। ଅର୍ଥ ଆଗମନ ହେବ। ପାରିବାରିକ ଜୀବନ ସୁଖମୟ। ଯାତ୍ରା ଏଡ଼ାନ୍ତୁ। ଶୁଭ ରଙ୍ଗ: ଆକାଶୀ, ଶୁଭ ଅଙ୍କ: ୪।
ମୀନ
♓
ଆଜି ଧାର୍ମିକ କାର୍ଯ୍ୟରେ ମନ ଲାଗିବ। ପରିବାରରେ ଶୁଭ ସମାଚାର ମିଳିବ। କର୍ମକ୍ଷେତ୍ରରେ ଉନ୍ନତି ହେବ। ଅର୍ଥ ଲାଭ ଯୋଗ। ସ୍ୱାସ୍ଥ୍ୟ ଭଲ ରହିବ। ସନ୍ତାନଙ୍କଠାରୁ ସୁଖ ମିଳିବ। ଶୁଭ ରଙ୍ଗ: ହଳଦିଆ, ଶୁଭ ଅଙ୍କ: ୭।
ଆଜି ଜନ୍ମଦିନ ୧୧ତମିକ, ପଞ୍ଚମୀ ତିଥି, ମଙ୍ଗଳବାର, ଶୁଭ ସମୟ ପୂର୍ବାହ୍ନ ୧୦ଟା ୧୫ରୁ ୧୧ଟା ୩୦ ମଧ୍ୟରେ। ରାହୁକାଳ ଅପରାହ୍ନ ୧ଟା ୩୦ରୁ ୩ଟା ପର୍ଯ୍ୟନ୍ତ। ଶୁଭ କାର୍ଯ୍ୟ ପାଇଁ ସକାଳ ୯ଟାରୁ ୧୧ଟା ଉତ୍ତମ। ଚନ୍ଦ୍ର ବୃଷ ରାଶିରେ ସଞ୍ଚରଣ କରୁଛନ୍ତି।
08
